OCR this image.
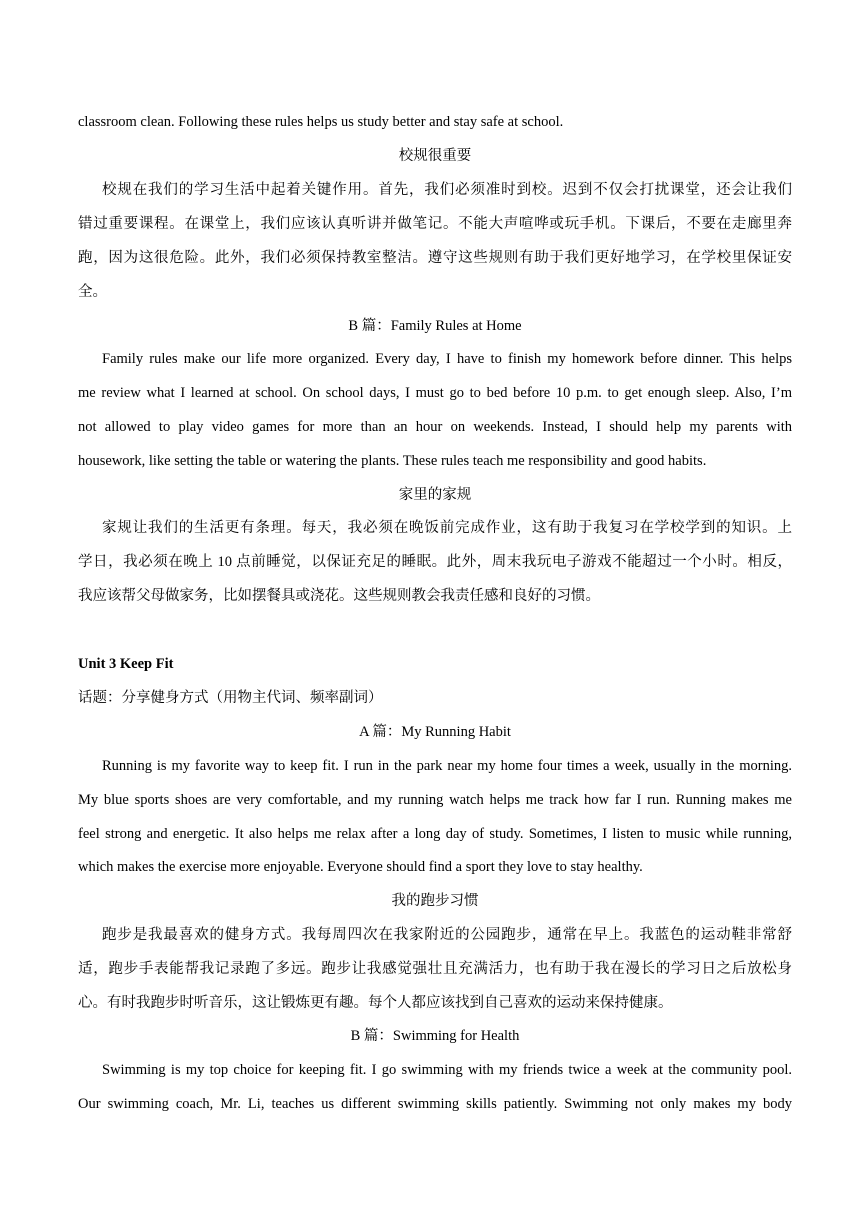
classroom clean. Following these rules helps us study better and stay safe at school.
校规很重要
校规在我们的学习生活中起着关键作用。首先，我们必须准时到校。迟到不仅会打扰课堂，还会让我们
错过重要课程。在课堂上，我们应该认真听讲并做笔记。不能大声喧哗或玩手机。下课后，不要在走廊里奔
跑，因为这很危险。此外，我们必须保持教室整洁。遵守这些规则有助于我们更好地学习，在学校里保证安
全。
B 篇：Family Rules at Home
Family rules make our life more organized. Every day, I have to finish my homework before dinner. This helps
me review what I learned at school. On school days, I must go to bed before 10 p.m. to get enough sleep. Also, I’m
not allowed to play video games for more than an hour on weekends. Instead, I should help my parents with
housework, like setting the table or watering the plants. These rules teach me responsibility and good habits.
家里的家规
家规让我们的生活更有条理。每天，我必须在晚饭前完成作业，这有助于我复习在学校学到的知识。上
学日，我必须在晚上 10 点前睡觉，以保证充足的睡眠。此外，周末我玩电子游戏不能超过一个小时。相反，
我应该帮父母做家务，比如摆餐具或浇花。这些规则教会我责任感和良好的习惯。
Unit 3 Keep Fit
话题：分享健身方式（用物主代词、频率副词）
A 篇：My Running Habit
Running is my favorite way to keep fit. I run in the park near my home four times a week, usually in the morning.
My blue sports shoes are very comfortable, and my running watch helps me track how far I run. Running makes me
feel strong and energetic. It also helps me relax after a long day of study. Sometimes, I listen to music while running,
which makes the exercise more enjoyable. Everyone should find a sport they love to stay healthy.
我的跑步习惯
跑步是我最喜欢的健身方式。我每周四次在我家附近的公园跑步，通常在早上。我蓝色的运动鞋非常舒
适，跑步手表能帮我记录跑了多远。跑步让我感觉强壮且充满活力，也有助于我在漫长的学习日之后放松身
心。有时我跑步时听音乐，这让锻炼更有趣。每个人都应该找到自己喜欢的运动来保持健康。
B 篇：Swimming for Health
Swimming is my top choice for keeping fit. I go swimming with my friends twice a week at the community pool.
Our swimming coach, Mr. Li, teaches us different swimming skills patiently. Swimming not only makes my body
